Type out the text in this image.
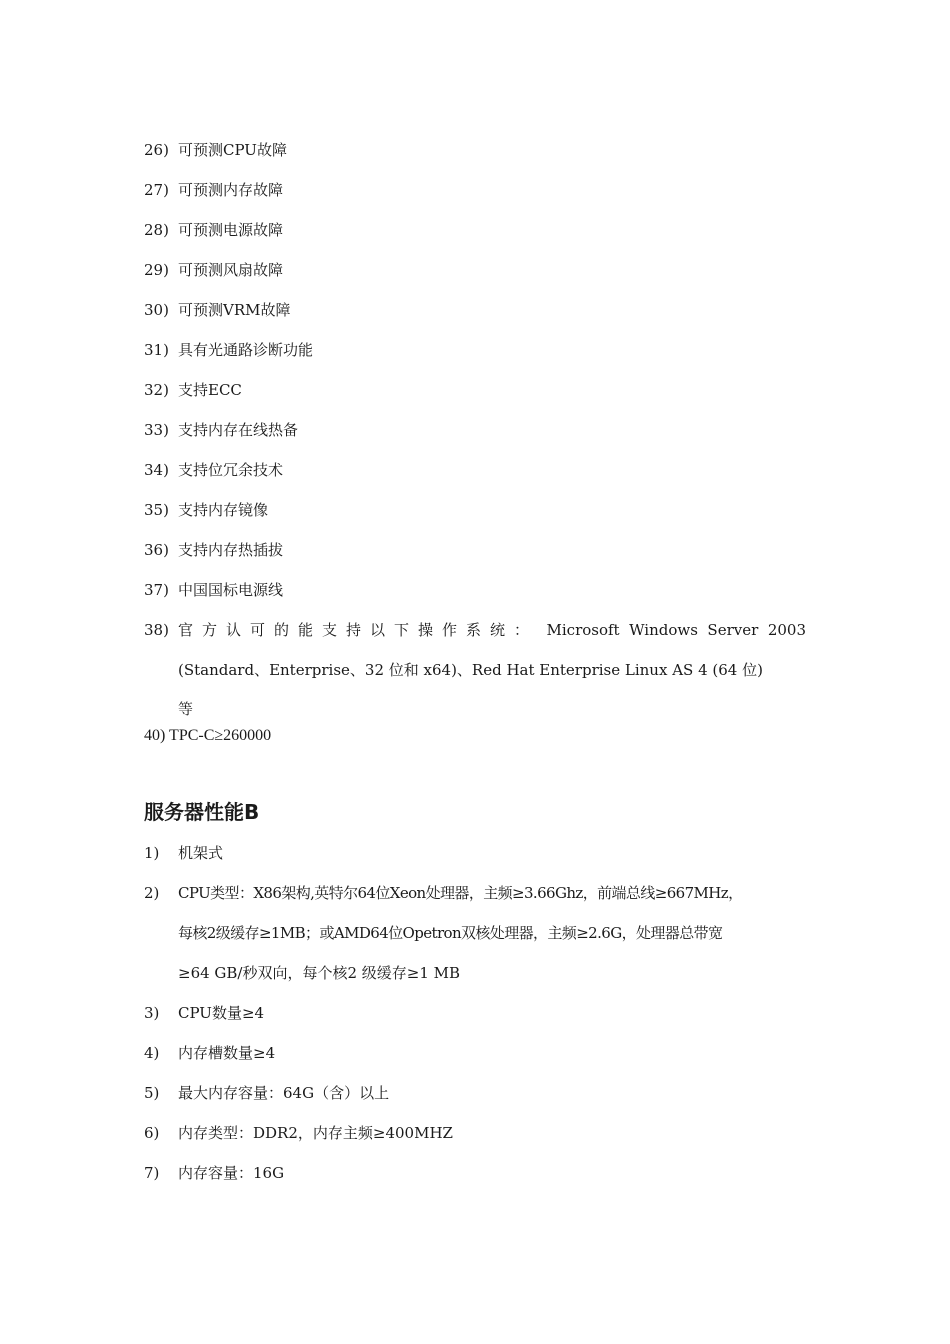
26) 可预测CPU故障
27) 可预测内存故障
28) 可预测电源故障
29) 可预测风扇故障
30) 可预测VRM故障
31) 具有光通路诊断功能
32) 支持ECC
33) 支持内存在线热备
34) 支持位冗余技术
35) 支持内存镜像
36) 支持内存热插拔
37) 中国国标电源线
38) 官方认可的能支持以下操作系统： Microsoft  Windows  Server  2003
(Standard、Enterprise、32 位和 x64)、Red Hat Enterprise Linux AS 4 (64 位)
等
40) TPC-C≥260000
服务器性能B
1) 机架式
2) CPU类型：X86架构,英特尔64位Xeon处理器，主频≥3.66Ghz，前端总线≥667MHz，
每核2级缓存≥1MB；或AMD64位Opetron双核处理器，主频≥2.6G，处理器总带宽
≥64 GB/秒双向，每个核2 级缓存≥1 MB
3) CPU数量≥4
4) 内存槽数量≥4
5) 最大内存容量：64G（含）以上
6) 内存类型：DDR2，内存主频≥400MHZ
7) 内存容量：16G
